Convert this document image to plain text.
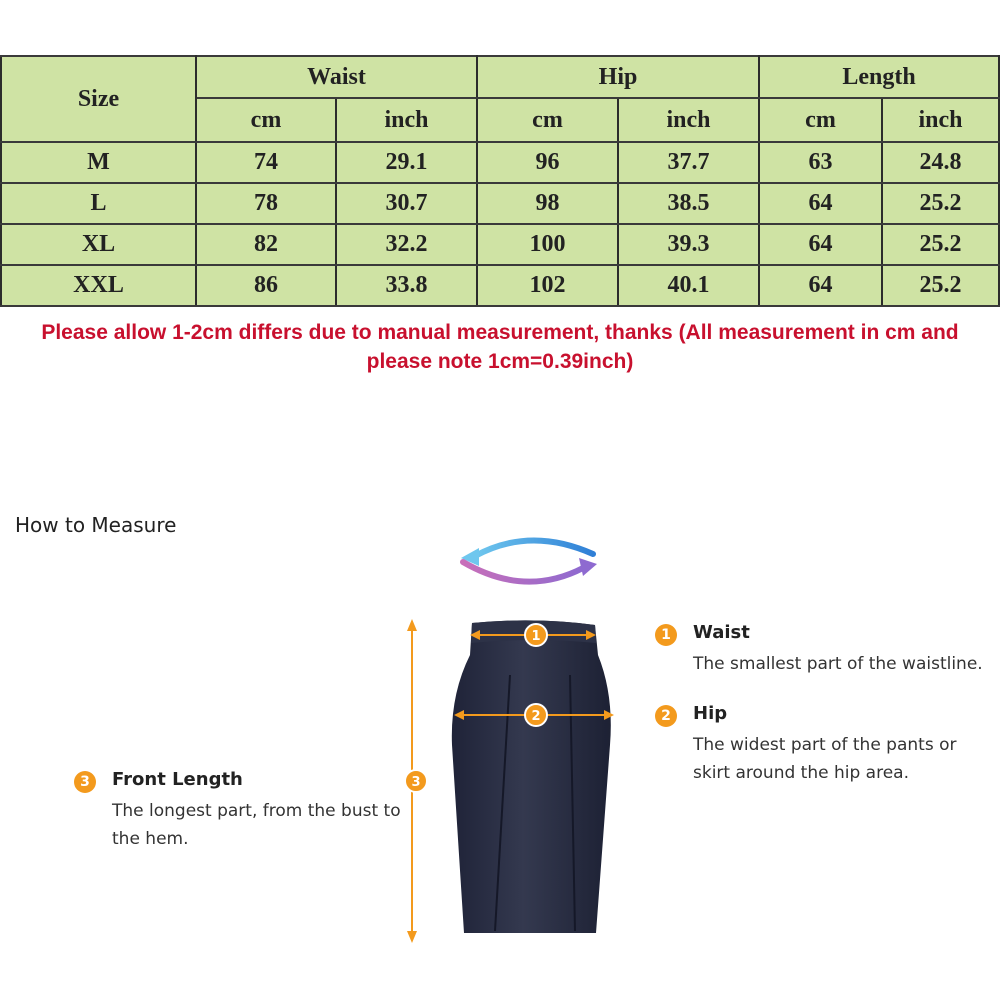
Size	Waist		Hip		Length	
	cm	inch	cm	inch	cm	inch
M	74	29.1	96	37.7	63	24.8
L	78	30.7	98	38.5	64	25.2
XL	82	32.2	100	39.3	64	25.2
XXL	86	33.8	102	40.1	64	25.2
Please allow 1-2cm differs due to manual measurement, thanks (All measurement in cm and
please note 1cm=0.39inch)
How to Measure
1
2
3
1	Waist
The smallest part of the waistline.
2	Hip
The widest part of the pants or skirt around the hip area.
3	Front Length
The longest part, from the bust to the hem.
